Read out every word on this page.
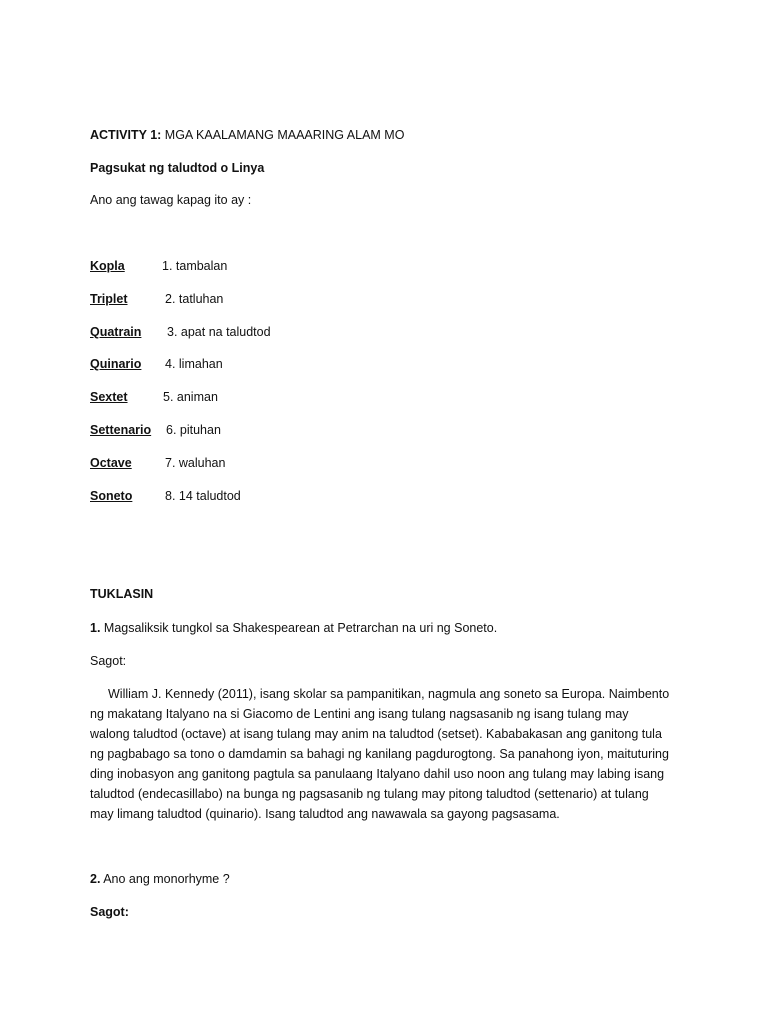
ACTIVITY 1: MGA KAALAMANG MAAARING ALAM MO
Pagsukat ng taludtod o Linya
Ano ang tawag kapag ito ay :
Kopla	1. tambalan
Triplet	2. tatluhan
Quatrain 3. apat na taludtod
Quinario 4. limahan
Sextet	5. animan
Settenario 6. pituhan
Octave	7. waluhan
Soneto	8. 14 taludtod
TUKLASIN
1. Magsaliksik tungkol sa Shakespearean at Petrarchan na uri ng Soneto.
Sagot:
William J. Kennedy (2011), isang skolar sa pampanitikan, nagmula ang soneto sa Europa. Naimbento ng makatang Italyano na si Giacomo de Lentini ang isang tulang nagsasanib ng isang tulang may walong taludtod (octave) at isang tulang may anim na taludtod (setset). Kababakasan ang ganitong tula ng pagbabago sa tono o damdamin sa bahagi ng kanilang pagdurogtong. Sa panahong iyon, maituturing ding inobasyon ang ganitong pagtula sa panulaang Italyano dahil uso noon ang tulang may labing isang taludtod (endecasillabo) na bunga ng pagsasanib ng tulang may pitong taludtod (settenario) at tulang may limang taludtod (quinario). Isang taludtod ang nawawala sa gayong pagsasama.
2. Ano ang monorhyme ?
Sagot:
